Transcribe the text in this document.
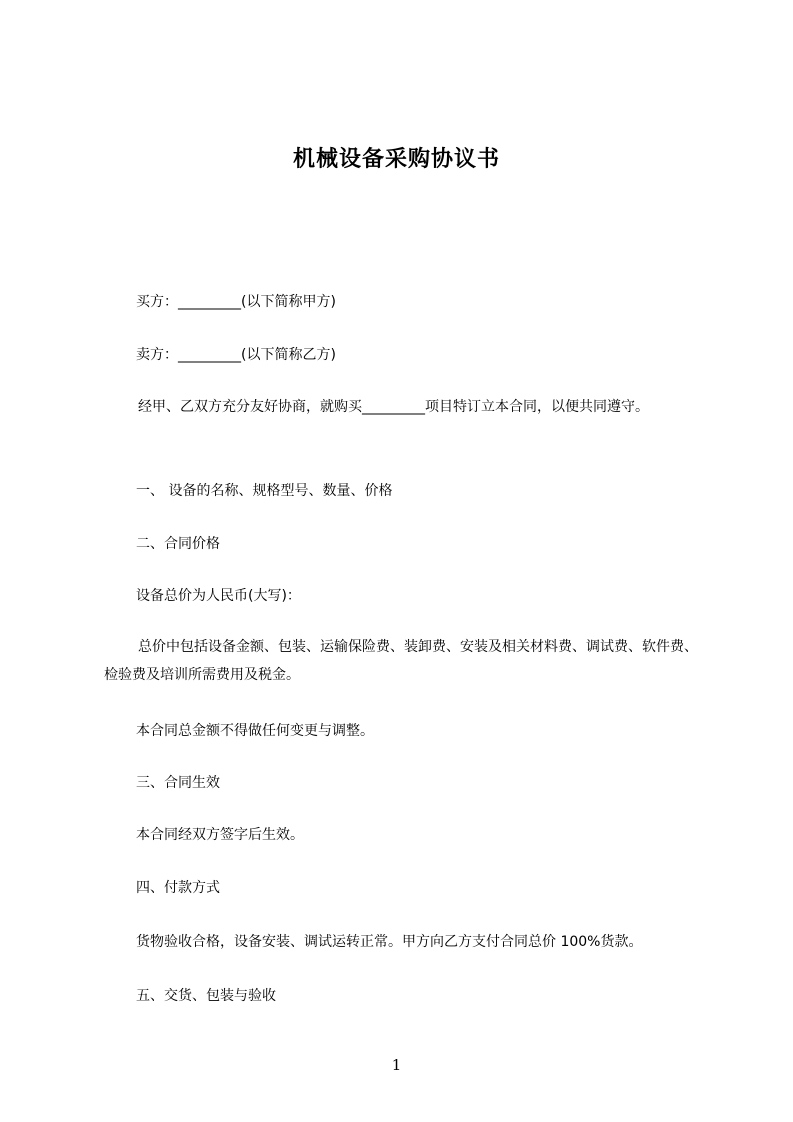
机械设备采购协议书
买方：_________(以下简称甲方)
卖方：_________(以下简称乙方)
经甲、乙双方充分友好协商，就购买_________项目特订立本合同，以便共同遵守。
一、 设备的名称、规格型号、数量、价格
二、合同价格
设备总价为人民币(大写)：
总价中包括设备金额、包装、运输保险费、装卸费、安装及相关材料费、调试费、软件费、检验费及培训所需费用及税金。
本合同总金额不得做任何变更与调整。
三、合同生效
本合同经双方签字后生效。
四、付款方式
货物验收合格，设备安装、调试运转正常。甲方向乙方支付合同总价 100%货款。
五、交货、包装与验收
1
